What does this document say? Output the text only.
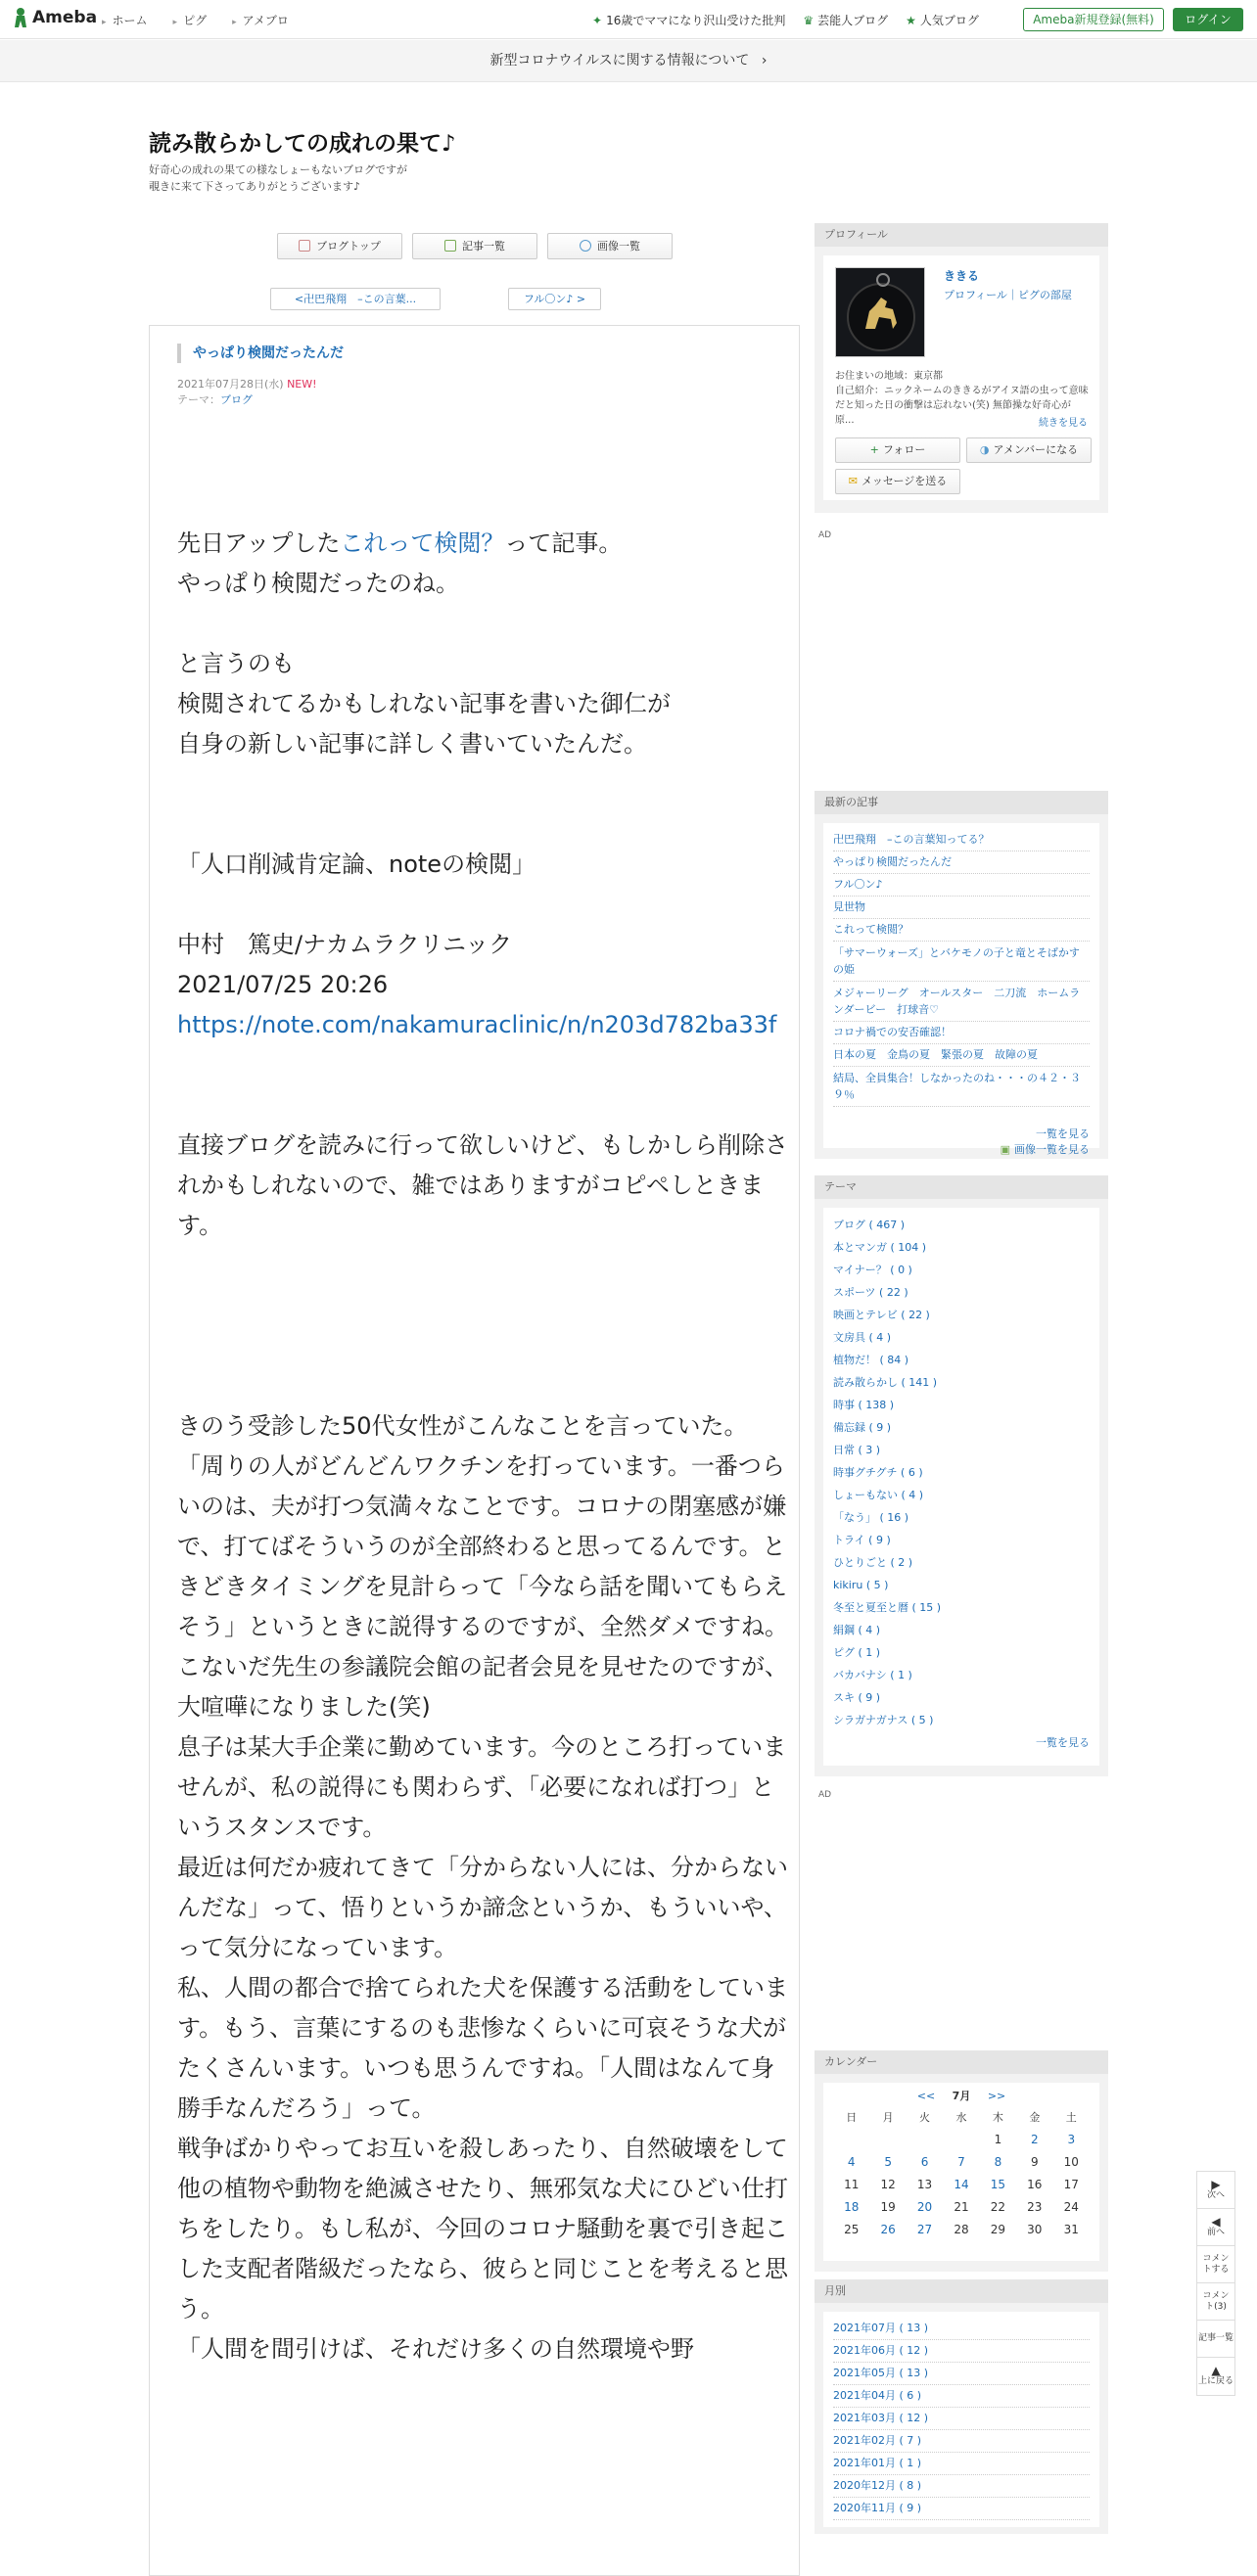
Ameba	▸ ホーム	▸ ピグ	▸ アメブロ	✦ 16歳でママになり沢山受けた批判 ♛ 芸能人ブログ ★ 人気ブログ	Ameba新規登録(無料)	ログイン
新型コロナウイルスに関する情報について ›
読み散らかしての成れの果て♪
好奇心の成れの果ての様なしょーもないブログですが
覗きに来て下さってありがとうございます♪
ブログトップ	記事一覧	画像一覧
<卍巴飛翔　–この言葉...	フル〇ン♪ >
やっぱり検閲だったんだ
2021年07月28日(水) NEW!
テーマ：ブログ

先日アップしたこれって検閲？って記事。

やっぱり検閲だったのね。

と言うのも

検閲されてるかもしれない記事を書いた御仁が

自身の新しい記事に詳しく書いていたんだ。

「人口削減肯定論、noteの検閲」

中村　篤史/ナカムラクリニック

2021/07/25 20:26

https://note.com/nakamuraclinic/n/n203d782ba33f

直接ブログを読みに行って欲しいけど、もしかしら削除されかもしれないので、雑ではありますがコピペしときます。

きのう受診した50代女性がこんなことを言っていた。

「周りの人がどんどんワクチンを打っています。一番つらいのは、夫が打つ気満々なことです。コロナの閉塞感が嫌で、打てばそういうのが全部終わると思ってるんです。ときどきタイミングを見計らって「今なら話を聞いてもらえそう」というときに説得するのですが、全然ダメですね。こないだ先生の参議院会館の記者会見を見せたのですが、大喧嘩になりました(笑)

息子は某大手企業に勤めています。今のところ打っていませんが、私の説得にも関わらず、「必要になれば打つ」というスタンスです。

最近は何だか疲れてきて「分からない人には、分からないんだな」って、悟りというか諦念というか、もういいや、って気分になっています。

私、人間の都合で捨てられた犬を保護する活動をしています。もう、言葉にするのも悲惨なくらいに可哀そうな犬がたくさんいます。いつも思うんですね。「人間はなんて身勝手なんだろう」って。

戦争ばかりやってお互いを殺しあったり、自然破壊をして他の植物や動物を絶滅させたり、無邪気な犬にひどい仕打ちをしたり。もし私が、今回のコロナ騒動を裏で引き起こした支配者階級だったなら、彼らと同じことを考えると思う。

「人間を間引けば、それだけ多くの自然環境や野

プロフィール
ききる
プロフィール｜ピグの部屋
お住まいの地域：東京都
自己紹介：ニックネームのききるがアイヌ語の虫って意味だと知った日の衝撃は忘れない(笑) 無節操な好奇心が原...	続きを見る
+ フォロー	◑ アメンバーになる
✉ メッセージを送る
AD
最新の記事
卍巴飛翔　–この言葉知ってる？
やっぱり検閲だったんだ
フル〇ン♪
見世物
これって検閲？
「サマーウォーズ」とバケモノの子と竜とそばかすの姫
メジャーリーグ　オールスター　二刀流　ホームランダービー　打球音♡
コロナ禍での安否確認！
日本の夏　金鳥の夏　緊張の夏　故障の夏
結局、全員集合！しなかったのね・・・の４２・３９％
一覧を見る
▣ 画像一覧を見る
テーマ
ブログ ( 467 )
本とマンガ ( 104 )
マイナー？ ( 0 )
スポーツ ( 22 )
映画とテレビ ( 22 )
文房具 ( 4 )
植物だ！ ( 84 )
読み散らかし ( 141 )
時事 ( 138 )
備忘録 ( 9 )
日常 ( 3 )
時事グチグチ ( 6 )
しょーもない ( 4 )
「なう」 ( 16 )
トライ ( 9 )
ひとりごと ( 2 )
kikiru ( 5 )
冬至と夏至と暦 ( 15 )
絹鋼 ( 4 )
ピグ ( 1 )
バカバナシ ( 1 )
スキ ( 9 )
シラガナガナス ( 5 )
一覧を見る
AD
カレンダー
<< 7月 >>
日	月	火	水	木	金	土
				1	2	3
4	5	6	7	8	9	10
11	12	13	14	15	16	17
18	19	20	21	22	23	24
25	26	27	28	29	30	31
月別
2021年07月 ( 13 )
2021年06月 ( 12 )
2021年05月 ( 13 )
2021年04月 ( 6 )
2021年03月 ( 12 )
2021年02月 ( 7 )
2021年01月 ( 1 )
2020年12月 ( 8 )
2020年11月 ( 9 )
▶
次へ
◀
前へ
コメントする
コメント(3)
記事一覧
▲
上に戻る
